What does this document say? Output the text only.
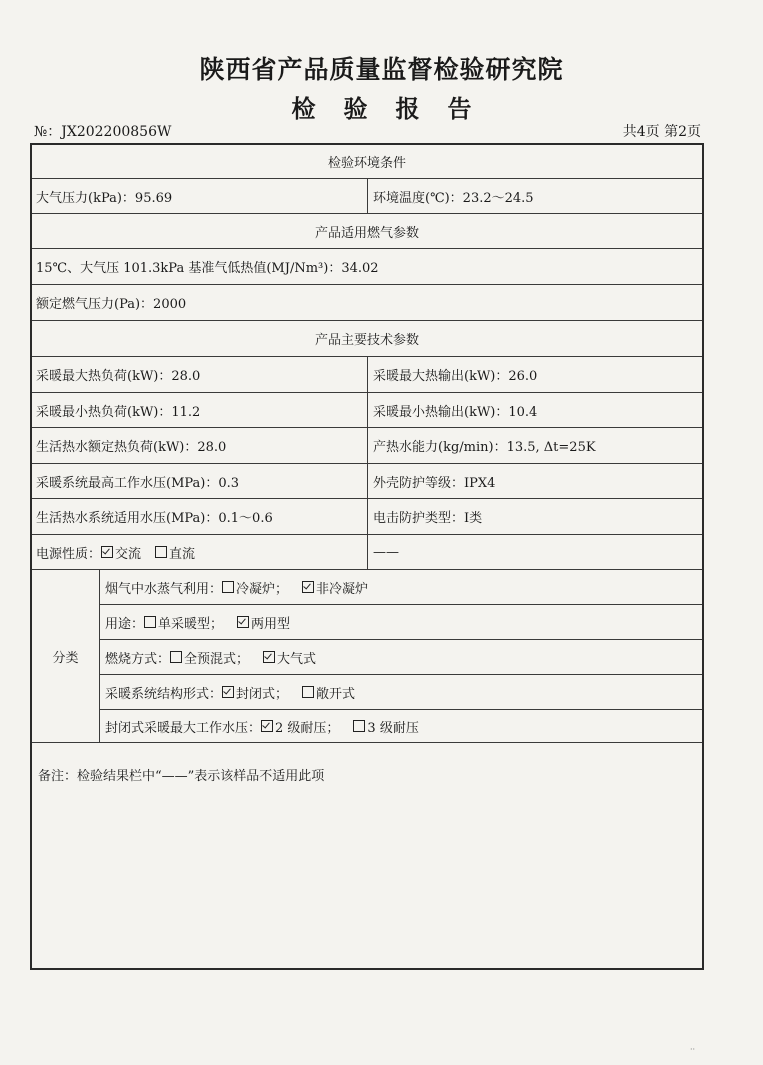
陕西省产品质量监督检验研究院
检验报告
№：JX202200856W	共4页 第2页
检验环境条件
大气压力(kPa)：95.69	环境温度(℃)：23.2～24.5
产品适用燃气参数
15℃、大气压 101.3kPa 基准气低热值(MJ/Nm³)：34.02
额定燃气压力(Pa)：2000
产品主要技术参数
采暖最大热负荷(kW)：28.0	采暖最大热输出(kW)：26.0
采暖最小热负荷(kW)：11.2	采暖最小热输出(kW)：10.4
生活热水额定热负荷(kW)：28.0	产热水能力(kg/min)：13.5, Δt=25K
采暖系统最高工作水压(MPa)：0.3	外壳防护等级：IPX4
生活热水系统适用水压(MPa)：0.1～0.6	电击防护类型：Ⅰ类
电源性质： 交流 直流	——
分类
烟气中水蒸气利用： 冷凝炉； 非冷凝炉
用途： 单采暖型； 两用型
燃烧方式： 全预混式； 大气式
采暖系统结构形式： 封闭式； 敞开式
封闭式采暖最大工作水压： 2 级耐压； 3 级耐压
备注：检验结果栏中“——”表示该样品不适用此项
··
